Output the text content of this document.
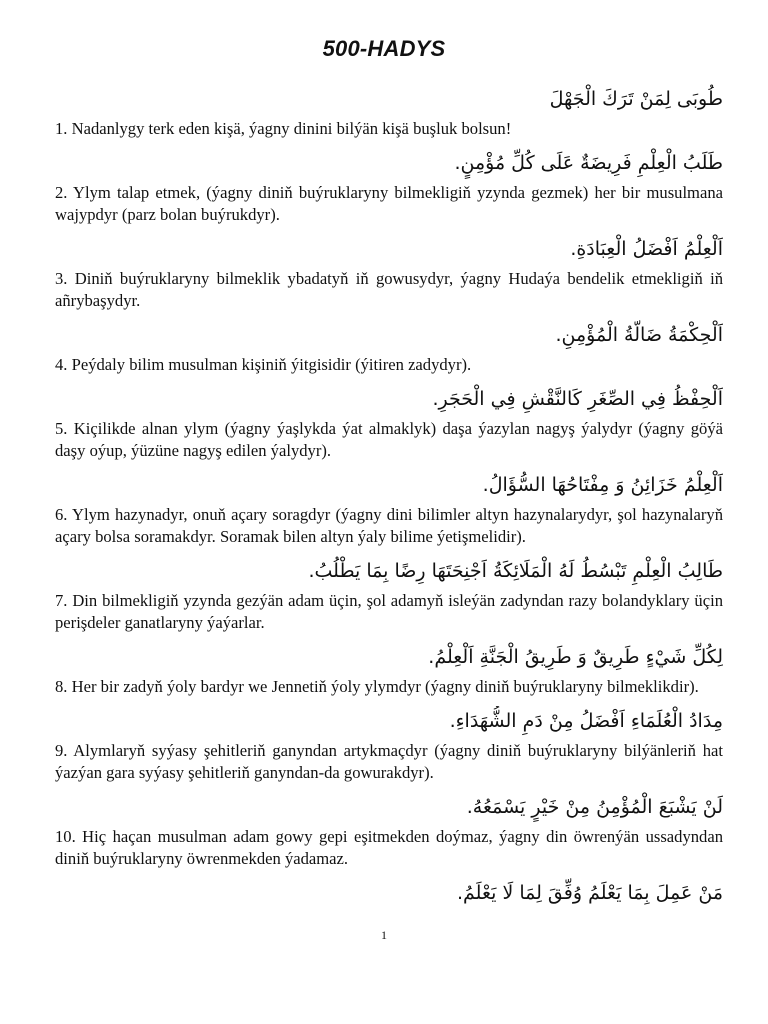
500-HADYS
طُوبَى لِمَنْ تَرَكَ الْجَهْلَ

1. Nadanlygy terk eden kişä, ýagny dinini bilýän kişä buşluk bolsun!

طَلَبُ الْعِلْمِ فَرِيضَةٌ عَلَى كُلِّ مُؤْمِنٍ.

2. Ylym talap etmek, (ýagny diniň buýruklaryny bilmekligiň yzynda gezmek) her bir musulmana wajypdyr (parz bolan buýrukdyr).

اَلْعِلْمُ اَفْضَلُ الْعِبَادَةِ.

3. Diniň buýruklaryny bilmeklik ybadatyň iň gowusydyr, ýagny Hudaýa bendelik etmekligiň iň añrybaşydyr.

اَلْحِكْمَةُ ضَالَّةُ الْمُؤْمِنِ.

4. Peýdaly bilim musulman kişiniň ýitgisidir (ýitiren zadydyr).

اَلْحِفْظُ فِي الصِّغَرِ كَالنَّقْشِ فِي الْحَجَرِ.

5. Kiçilikde alnan ylym (ýagny ýaşlykda ýat almaklyk) daşa ýazylan nagyş ýalydyr (ýagny göýä daşy oýup, ýüzüne nagyş edilen ýalydyr).

اَلْعِلْمُ خَزَائِنُ وَ مِفْتَاحُهَا السُّؤَالُ.

6. Ylym hazynadyr, onuň açary soragdyr (ýagny dini bilimler altyn hazynalarydyr, şol hazynalaryň açary bolsa soramakdyr. Soramak bilen altyn ýaly bilime ýetişmelidir).

طَالِبُ الْعِلْمِ تَبْسُطُ لَهُ الْمَلَائِكَةُ اَجْنِحَتَهَا رِضًا بِمَا يَطْلُبُ.

7. Din bilmekligiň yzynda gezýän adam üçin, şol adamyň isleýän zadyndan razy bolandyklary üçin perişdeler ganatlaryny ýaýarlar.

لِكُلِّ شَيْءٍ طَرِيقٌ وَ طَرِيقُ الْجَنَّةِ اَلْعِلْمُ.

8. Her bir zadyň ýoly bardyr we Jennetiň ýoly ylymdyr (ýagny diniň buýruklaryny bilmeklikdir).

مِدَادُ الْعُلَمَاءِ اَفْضَلُ مِنْ دَمِ الشُّهَدَاءِ.

9. Alymlaryň syýasy şehitleriň ganyndan artykmaçdyr (ýagny diniň buýruklaryny bilýänleriň hat ýazýan gara syýasy şehitleriň ganyndan-da gowurakdyr).

لَنْ يَشْبَعَ الْمُؤْمِنُ مِنْ خَيْرٍ يَسْمَعُهُ.

10. Hiç haçan musulman adam gowy gepi eşitmekden doýmaz, ýagny din öwrenýän ussadyndan diniň buýruklaryny öwrenmekden ýadamaz.

مَنْ عَمِلَ بِمَا يَعْلَمُ وُفِّقَ لِمَا لَا يَعْلَمُ.
1
